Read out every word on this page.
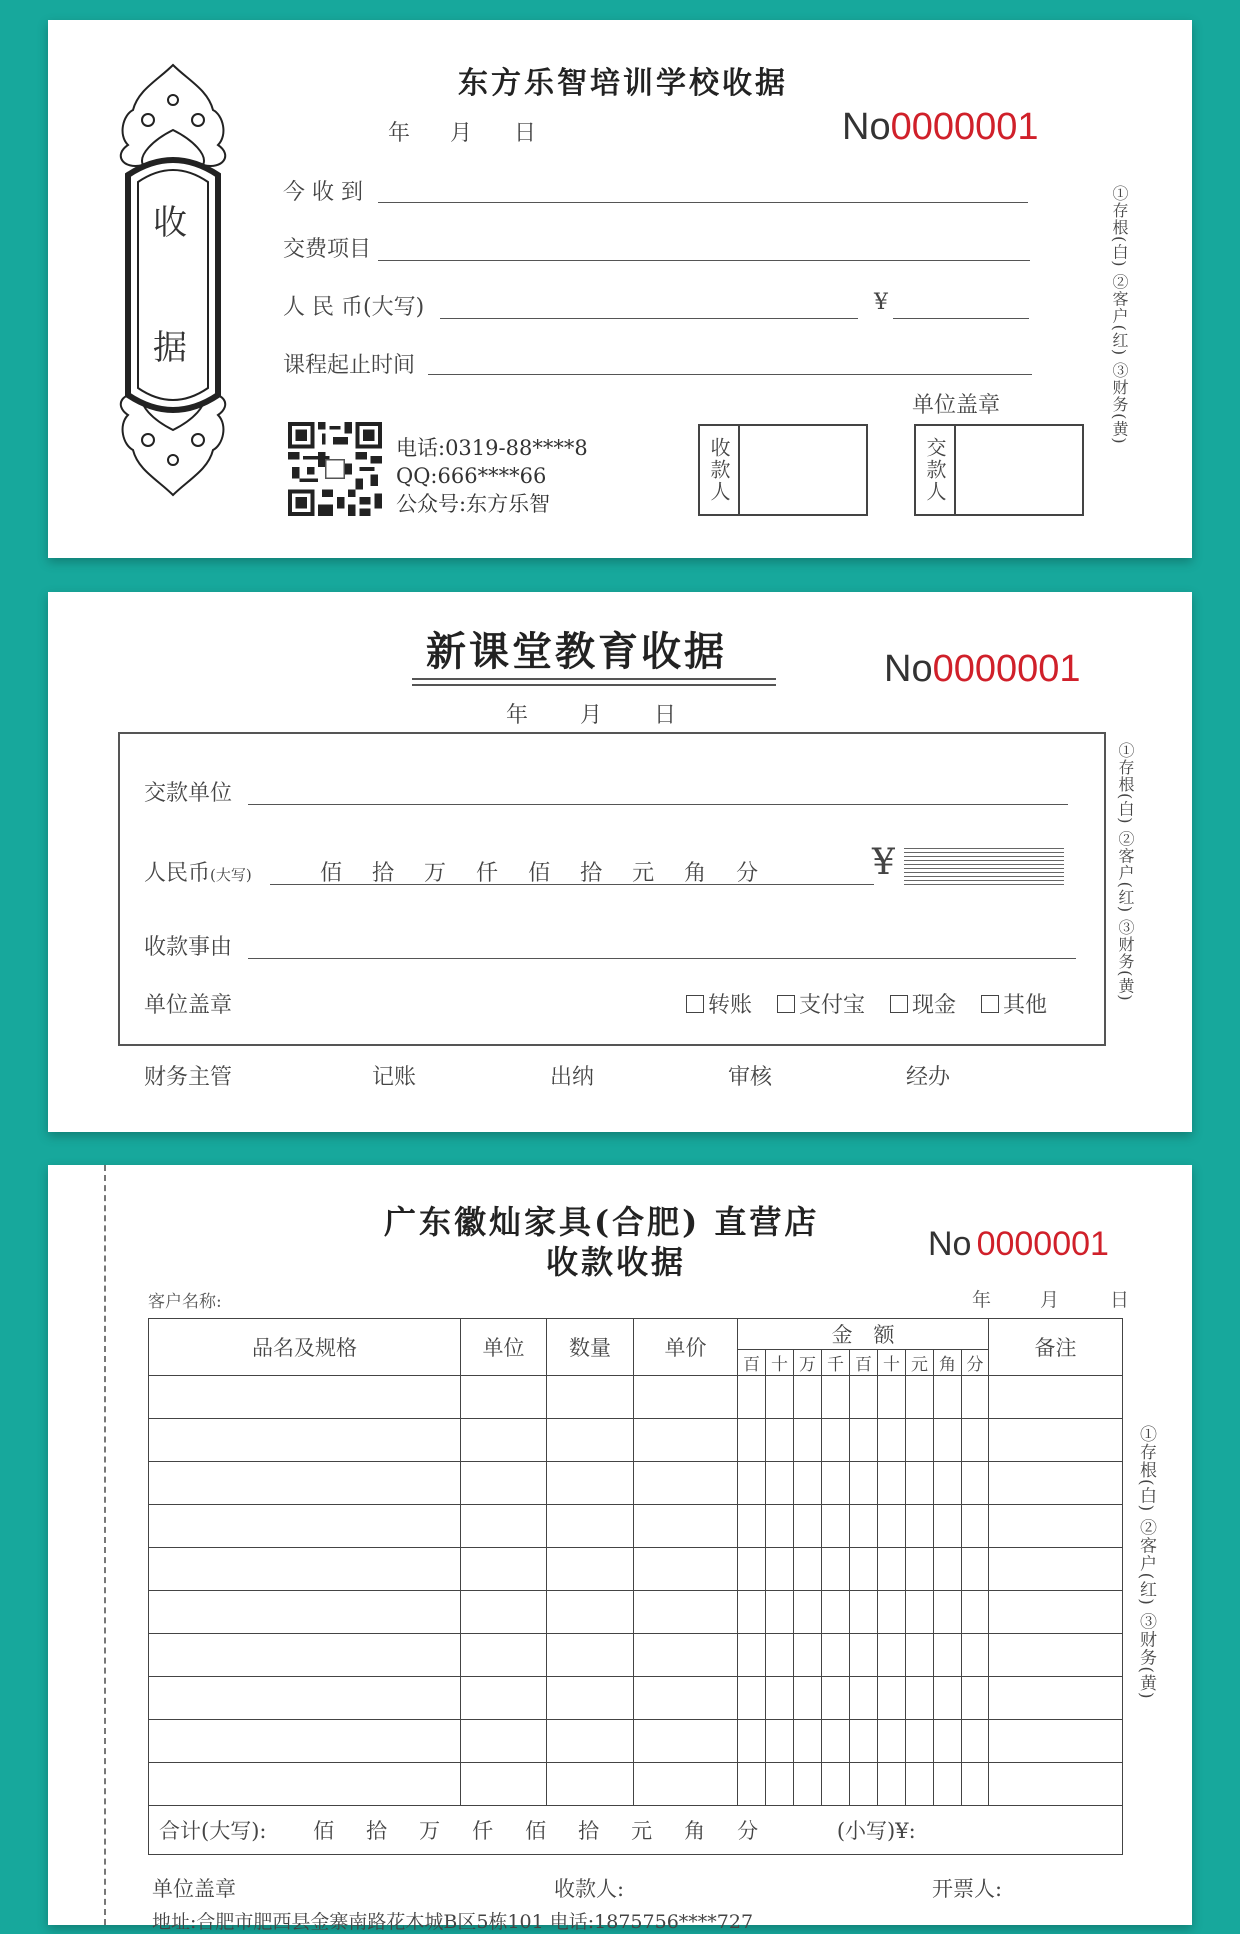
收
据
东方乐智培训学校收据
年 月 日	No0000001
今 收 到
交费项目
人 民 币(大写)	¥
课程起止时间
电话:0319-88****8
QQ:666****66
公众号:东方乐智
单位盖章
收款人	交款人
①存根(白) ②客户(红) ③财务(黄)
新课堂教育收据	No0000001
年 月 日
交款单位
人民币(大写)	佰 拾 万 仟 佰 拾 元 角 分	¥
收款事由
单位盖章	转账
支付宝
现金
其他
财务主管	记账	出纳	审核	经办
①存根(白) ②客户(红) ③财务(黄)
广东徽灿家具(合肥) 直营店
收款收据	No 0000001
客户名称:	年	月	日
品名及规格	单位	数量	单价	金　额									备注
				百	十	万	千	百	十	元	角	分	

合计(大写): 佰 拾 万 仟 佰 拾 元 角 分 (小写)¥:													
单位盖章	收款人:	开票人:
地址:合肥市肥西县金寨南路花木城B区5栋101 电话:1875756****727
①存根(白) ②客户(红) ③财务(黄)
